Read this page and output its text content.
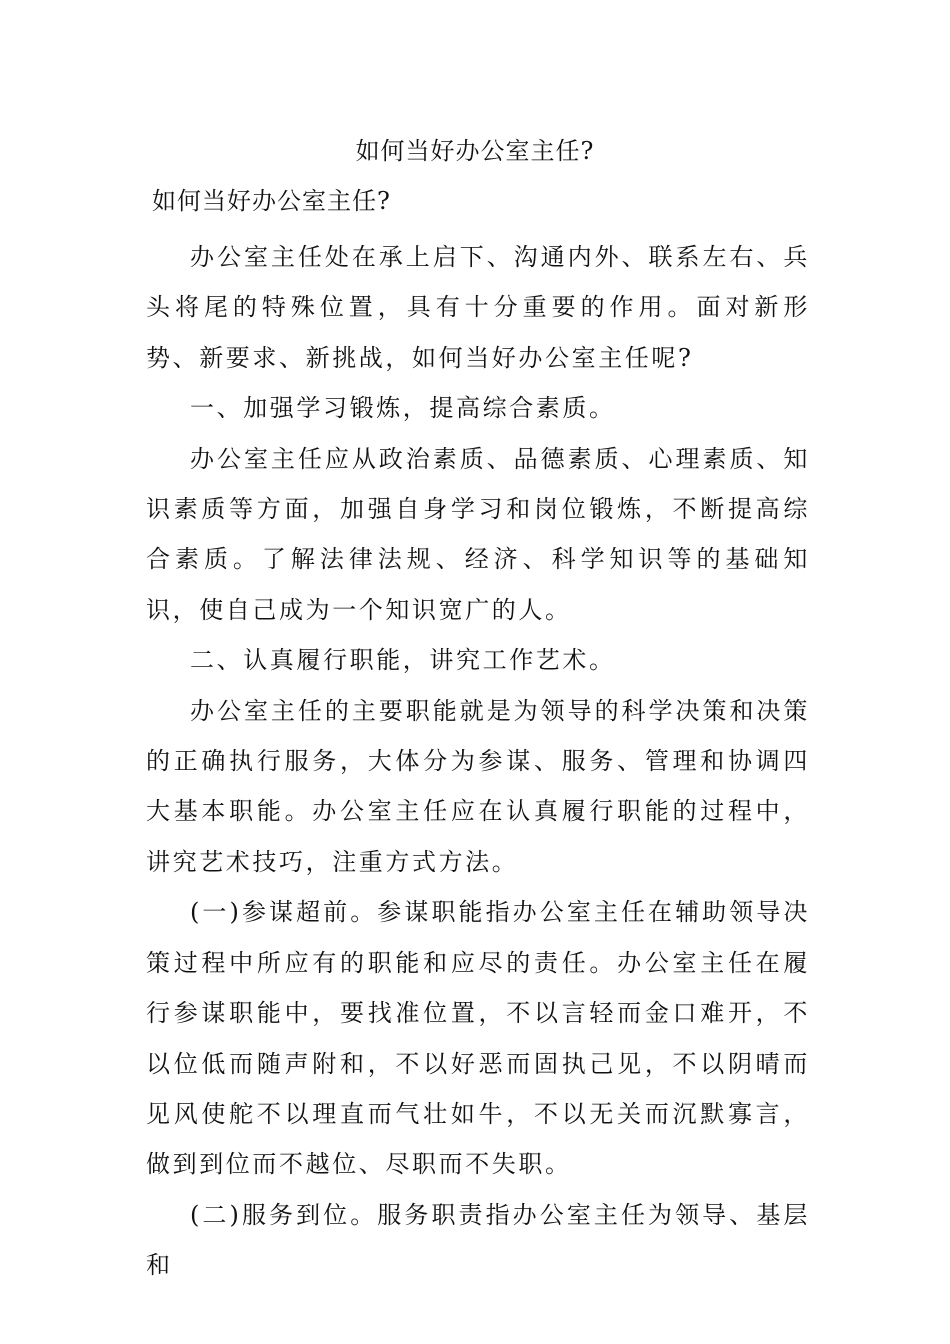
如何当好办公室主任?
如何当好办公室主任?

办公室主任处在承上启下、沟通内外、联系左右、兵头将尾的特殊位置，具有十分重要的作用。面对新形势、新要求、新挑战，如何当好办公室主任呢?

一、加强学习锻炼，提高综合素质。

办公室主任应从政治素质、品德素质、心理素质、知识素质等方面，加强自身学习和岗位锻炼，不断提高综合素质。了解法律法规、经济、科学知识等的基础知识，使自己成为一个知识宽广的人。

二、认真履行职能，讲究工作艺术。

办公室主任的主要职能就是为领导的科学决策和决策的正确执行服务，大体分为参谋、服务、管理和协调四大基本职能。办公室主任应在认真履行职能的过程中，讲究艺术技巧，注重方式方法。

(一)参谋超前。参谋职能指办公室主任在辅助领导决策过程中所应有的职能和应尽的责任。办公室主任在履行参谋职能中，要找准位置，不以言轻而金口难开，不以位低而随声附和，不以好恶而固执己见，不以阴晴而见风使舵不以理直而气壮如牛，不以无关而沉默寡言，做到到位而不越位、尽职而不失职。

(二)服务到位。服务职责指办公室主任为领导、基层和
